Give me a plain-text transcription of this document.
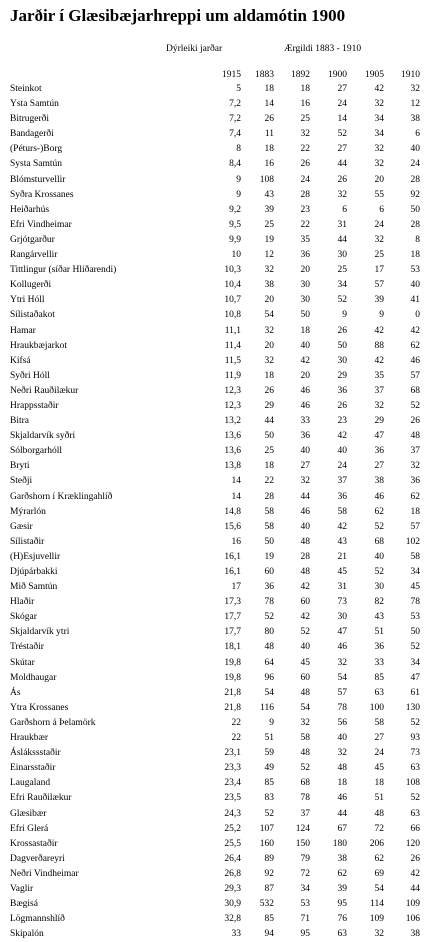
Jarðir í Glæsibæjarhreppi um aldamótin 1900
Dýrleiki jarðar	Ærgildi 1883 - 1910
	1915	1883	1892	1900	1905	1910
Steinkot	5	18	18	27	42	32
Ysta Samtún	7,2	14	16	24	32	12
Bitrugerði	7,2	26	25	14	34	38
Bandagerði	7,4	11	32	52	34	6
(Péturs-)Borg	8	18	22	27	32	40
Systa Samtún	8,4	16	26	44	32	24
Blómsturvellir	9	108	24	26	20	28
Syðra Krossanes	9	43	28	32	55	92
Heiðarhús	9,2	39	23	6	6	50
Efri Vindheimar	9,5	25	22	31	24	28
Grjótgarður	9,9	19	35	44	32	8
Rangárvellir	10	12	36	30	25	18
Tittlingur (síðar Hlíðarendi)	10,3	32	20	25	17	53
Kollugerði	10,4	38	30	34	57	40
Ytri Hóll	10,7	20	30	52	39	41
Sílistaðakot	10,8	54	50	9	9	0
Hamar	11,1	32	18	26	42	42
Hraukbæjarkot	11,4	20	40	50	88	62
Kífsá	11,5	32	42	30	42	46
Syðri Hóll	11,9	18	20	29	35	57
Neðri Rauðilækur	12,3	26	46	36	37	68
Hrappsstaðir	12,3	29	46	26	32	52
Bitra	13,2	44	33	23	29	26
Skjaldarvík syðri	13,6	50	36	42	47	48
Sólborgarhóll	13,6	25	40	40	36	37
Bryti	13,8	18	27	24	27	32
Steðji	14	22	32	37	38	36
Garðshorn í Kræklingahlíð	14	28	44	36	46	62
Mýrarlón	14,8	58	46	58	62	18
Gæsir	15,6	58	40	42	52	57
Sílistaðir	16	50	48	43	68	102
(H)Esjuvellir	16,1	19	28	21	40	58
Djúpárbakki	16,1	60	48	45	52	34
Mið Samtún	17	36	42	31	30	45
Hlaðir	17,3	78	60	73	82	78
Skógar	17,7	52	42	30	43	53
Skjaldarvík ytri	17,7	80	52	47	51	50
Tréstaðir	18,1	48	40	46	36	52
Skútar	19,8	64	45	32	33	34
Moldhaugar	19,8	96	60	54	85	47
Ás	21,8	54	48	57	63	61
Ytra Krossanes	21,8	116	54	78	100	130
Garðshorn á Þelamörk	22	9	32	56	58	52
Hraukbær	22	51	58	40	27	93
Áslákssstaðir	23,1	59	48	32	24	73
Einarsstaðir	23,3	49	52	48	45	63
Laugaland	23,4	85	68	18	18	108
Efri Rauðilækur	23,5	83	78	46	51	52
Glæsibær	24,3	52	37	44	48	63
Efri Glerá	25,2	107	124	67	72	66
Krossastaðir	25,5	160	150	180	206	120
Dagverðareyri	26,4	89	79	38	62	26
Neðri Vindheimar	26,8	92	72	62	69	42
Vaglir	29,3	87	34	39	54	44
Bægisá	30,9	532	53	95	114	109
Lögmannshlíð	32,8	85	71	76	109	106
Skipalón	33	94	95	63	32	38
